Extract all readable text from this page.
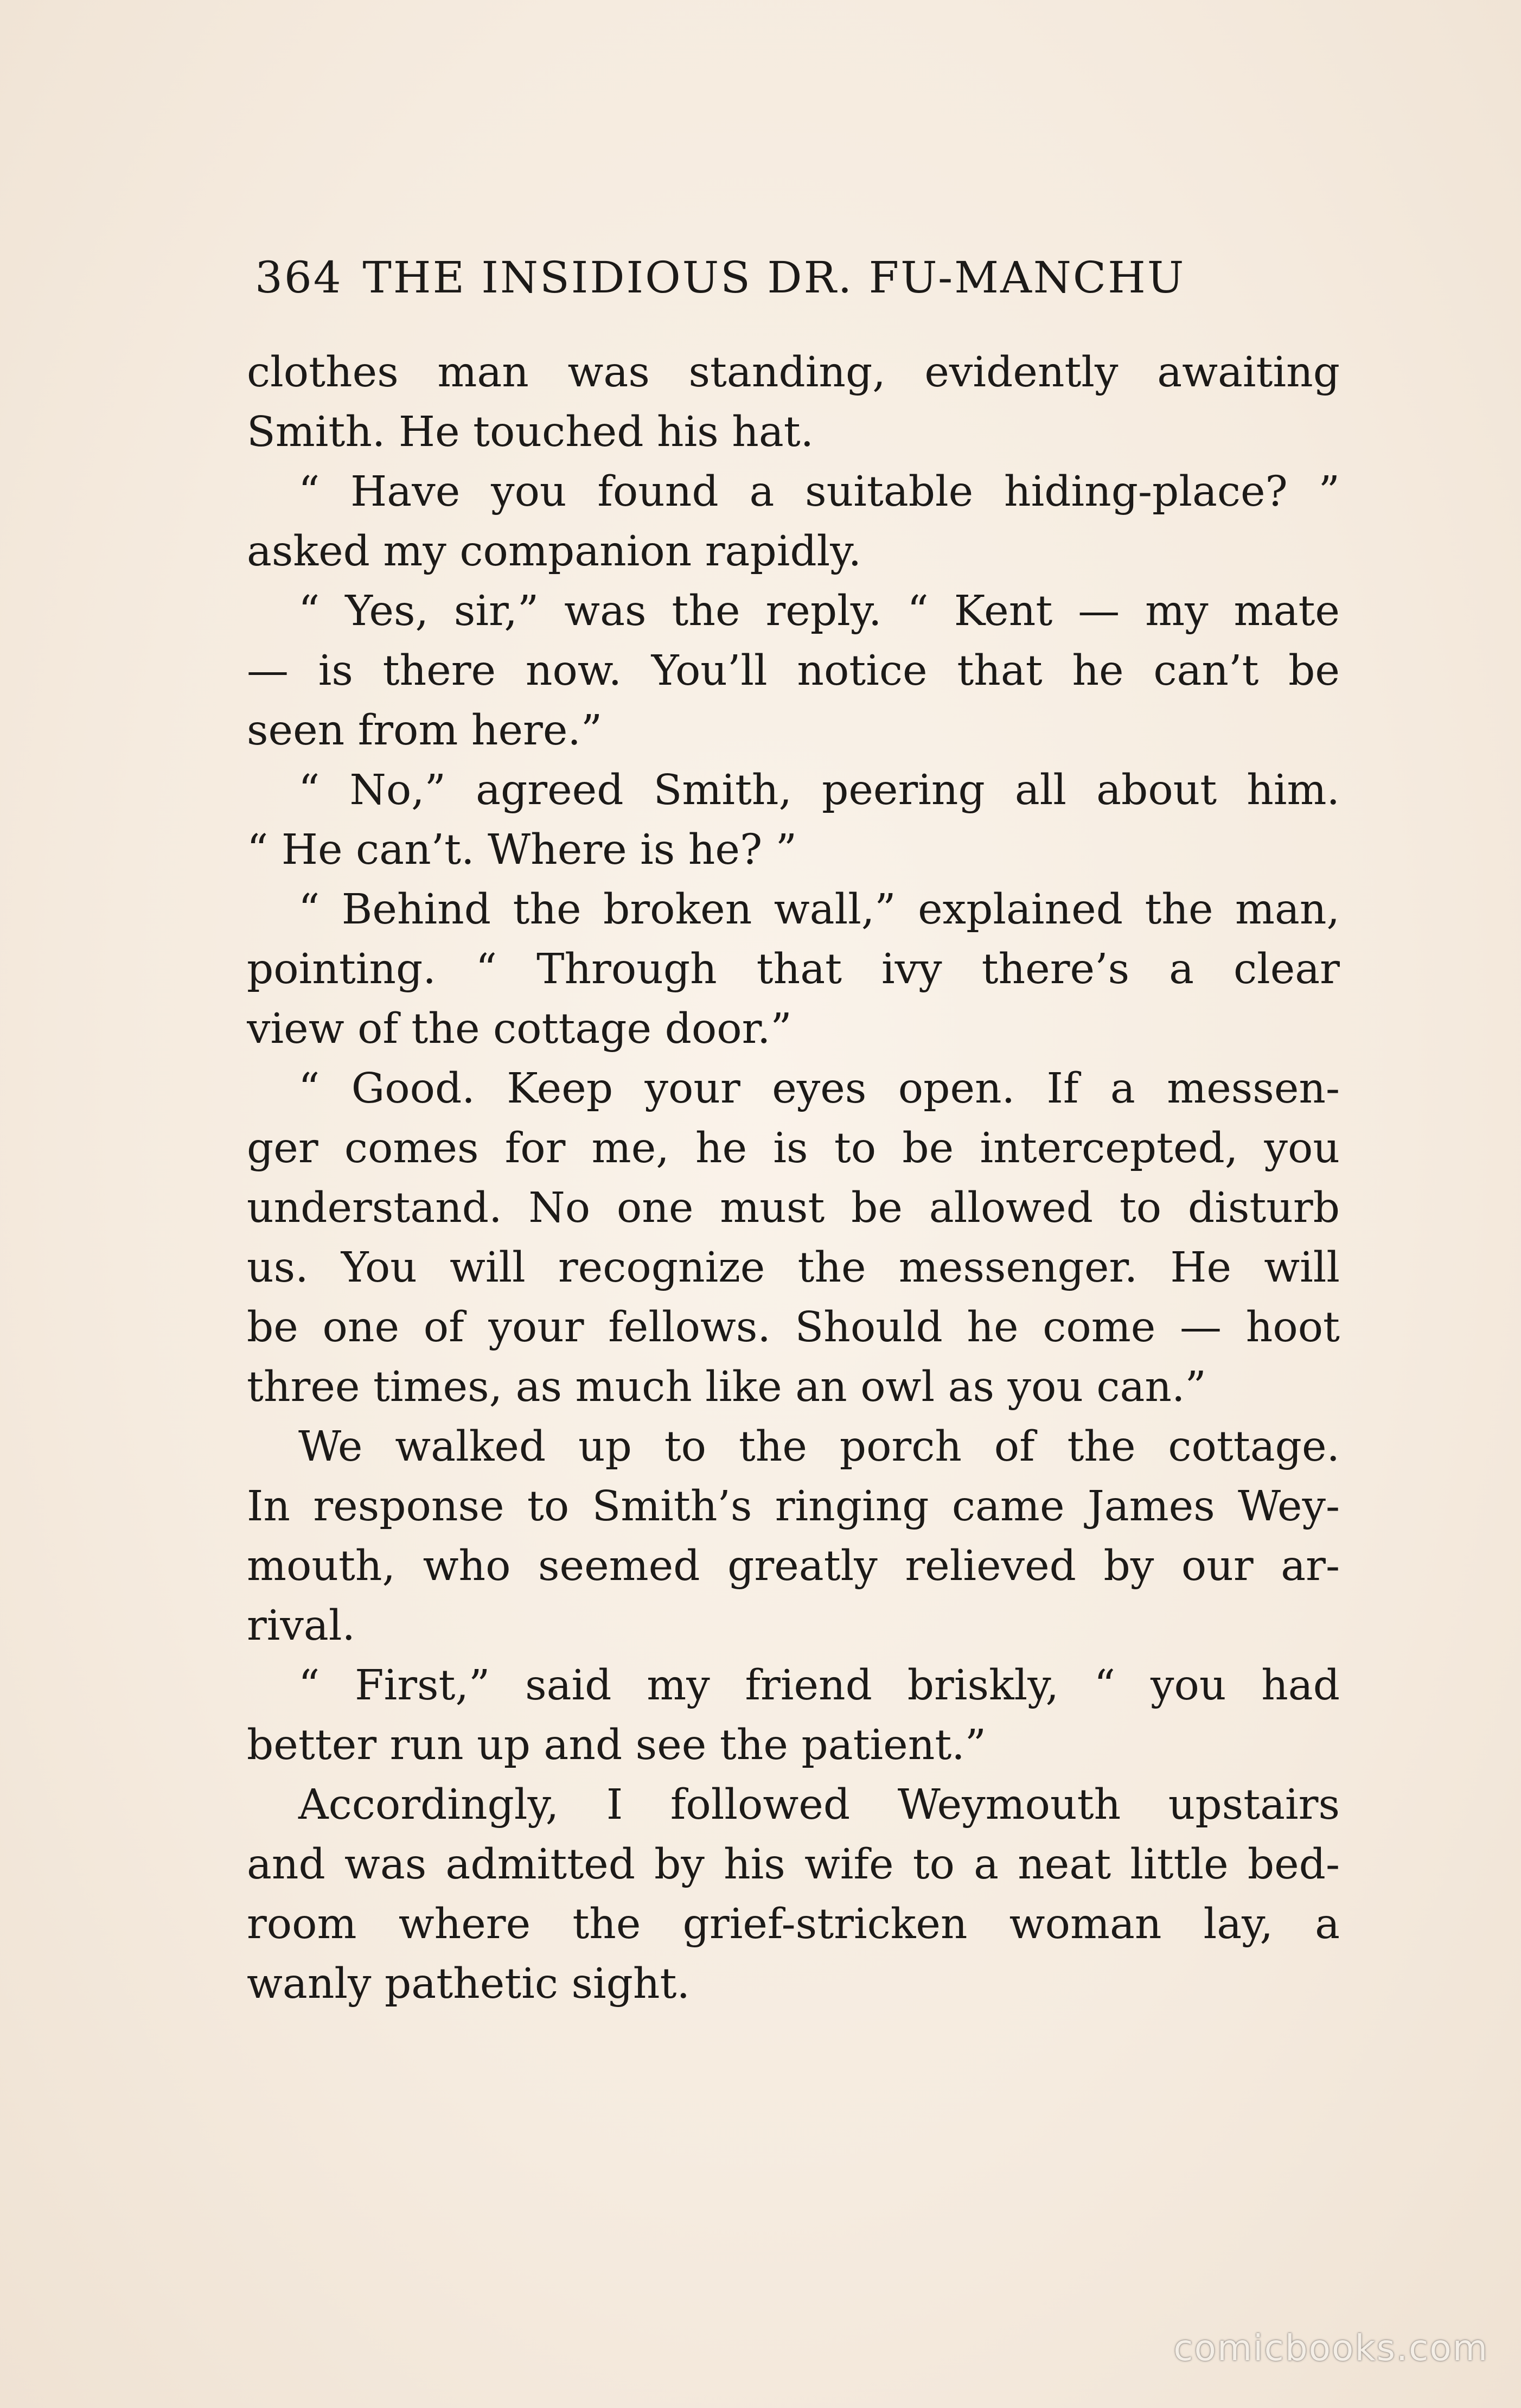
364 THE INSIDIOUS DR. FU-MANCHU
clothes man was standing, evidently awaiting
Smith. He touched his hat.
“ Have you found a suitable hiding-place? ”
asked my companion rapidly.
“ Yes, sir,” was the reply. “ Kent — my mate
— is there now. You’ll notice that he can’t be
seen from here.”
“ No,” agreed Smith, peering all about him.
“ He can’t. Where is he? ”
“ Behind the broken wall,” explained the man,
pointing. “ Through that ivy there’s a clear
view of the cottage door.”
“ Good. Keep your eyes open. If a messen-
ger comes for me, he is to be intercepted, you
understand. No one must be allowed to disturb
us. You will recognize the messenger. He will
be one of your fellows. Should he come — hoot
three times, as much like an owl as you can.”
We walked up to the porch of the cottage.
In response to Smith’s ringing came James Wey-
mouth, who seemed greatly relieved by our ar-
rival.
“ First,” said my friend briskly, “ you had
better run up and see the patient.”
Accordingly, I followed Weymouth upstairs
and was admitted by his wife to a neat little bed-
room where the grief-stricken woman lay, a
wanly pathetic sight.
comicbooks.com
